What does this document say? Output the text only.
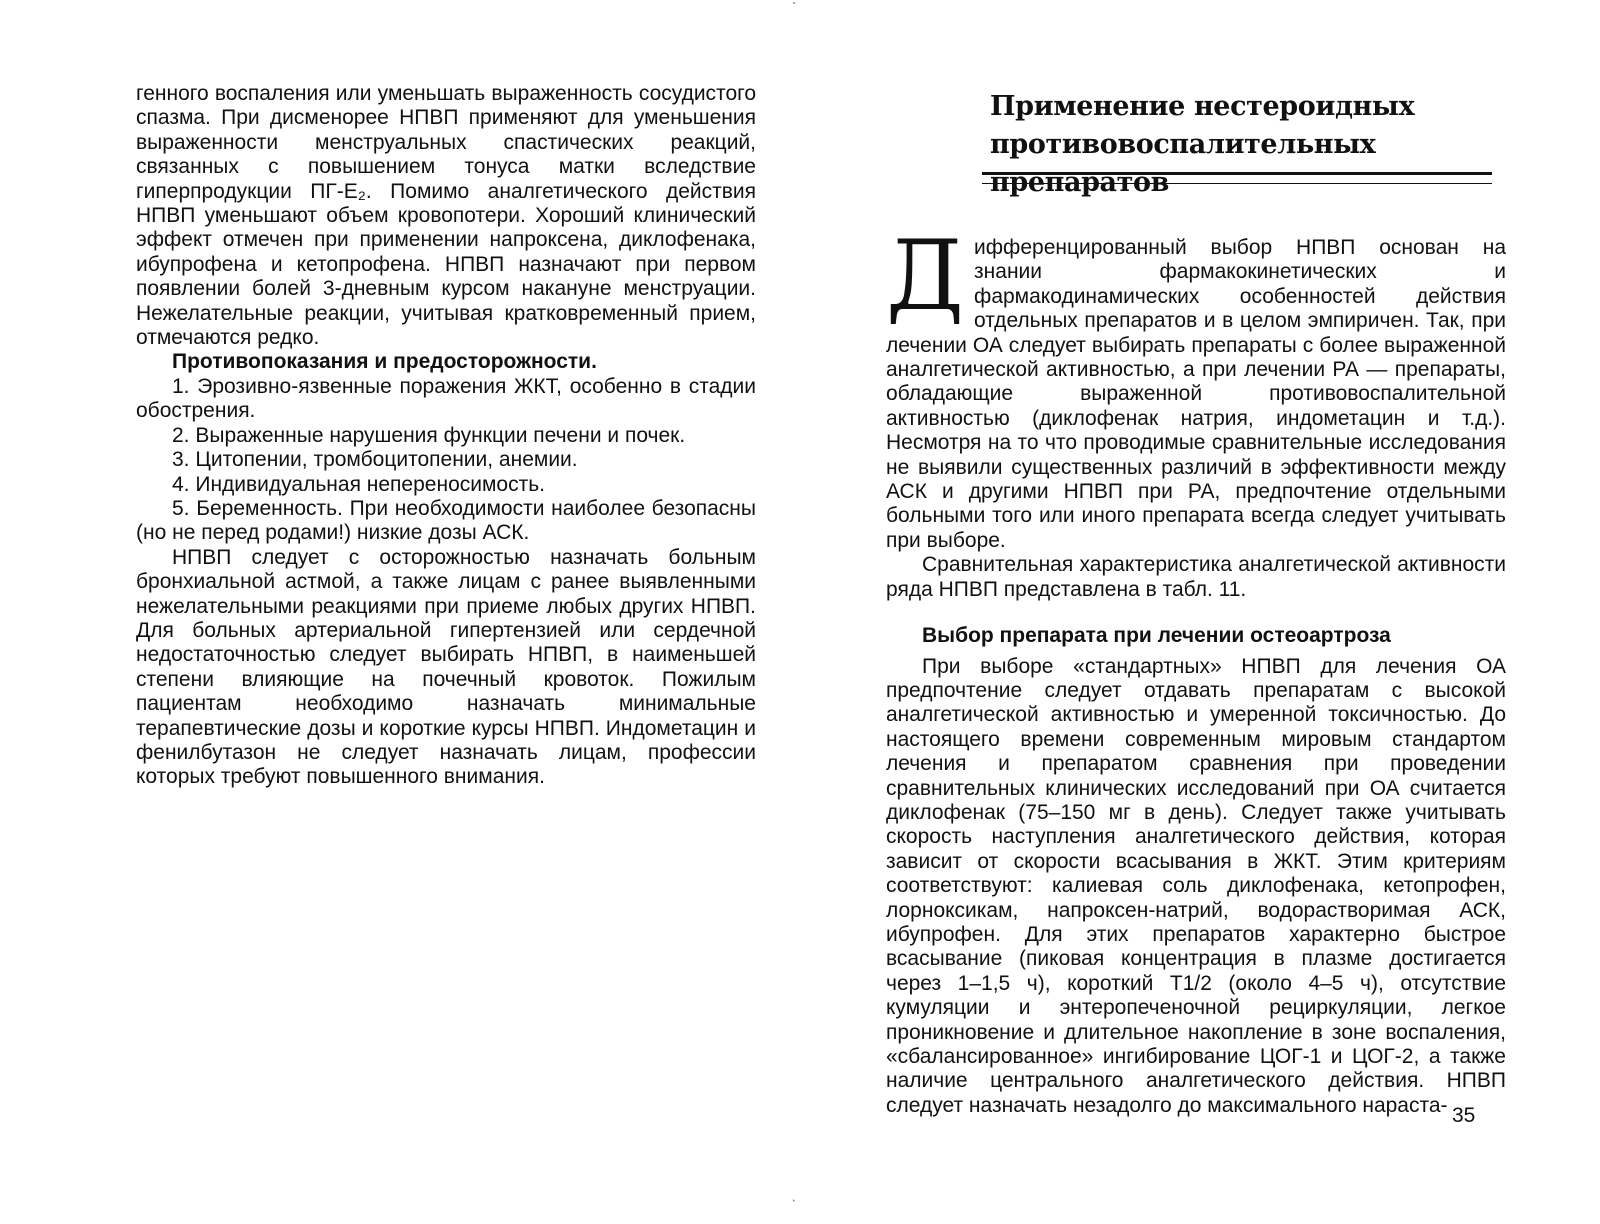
генного воспаления или уменьшать выраженность сосудистого спазма. При дисменорее НПВП применяют для уменьшения выраженности менструальных спастических реакций, связанных с повышением тонуса матки вследствие гиперпродукции ПГ-Е₂. Помимо аналгетического действия НПВП уменьшают объем кровопотери. Хороший клинический эффект отмечен при применении напроксена, диклофенака, ибупрофена и кетопрофена. НПВП назначают при первом появлении болей 3-дневным курсом накануне менструации. Нежелательные реакции, учитывая кратковременный прием, отмечаются редко.

Противопоказания и предосторожности.

1. Эрозивно-язвенные поражения ЖКТ, особенно в стадии обострения.

2. Выраженные нарушения функции печени и почек.

3. Цитопении, тромбоцитопении, анемии.

4. Индивидуальная непереносимость.

5. Беременность. При необходимости наиболее безопасны (но не перед родами!) низкие дозы АСК.

НПВП следует с осторожностью назначать больным бронхиальной астмой, а также лицам с ранее выявленными нежелательными реакциями при приеме любых других НПВП. Для больных артериальной гипертензией или сердечной недостаточностью следует выбирать НПВП, в наименьшей степени влияющие на почечный кровоток. Пожилым пациентам необходимо назначать минимальные терапевтические дозы и короткие курсы НПВП. Индометацин и фенилбутазон не следует назначать лицам, профессии которых требуют повышенного внимания.

ˋ
ˎ
Применение нестероидных
противовоспалительных препаратов

Д ифференцированный выбор НПВП основан на знании фармакокинетических и фармакодинамических особенностей действия отдельных препаратов и в целом эмпиричен. Так, при лечении ОА следует выбирать препараты с более выраженной аналгетической активностью, а при лечении РА — препараты, обладающие выраженной противовоспалительной активностью (диклофенак натрия, индометацин и т.д.). Несмотря на то что проводимые сравнительные исследования не выявили существенных различий в эффективности между АСК и другими НПВП при РА, предпочтение отдельными больными того или иного препарата всегда следует учитывать при выборе.

Сравнительная характеристика аналгетической активности ряда НПВП представлена в табл. 11.

Выбор препарата при лечении остеоартроза

При выборе «стандартных» НПВП для лечения ОА предпочтение следует отдавать препаратам с высокой аналгетической активностью и умеренной токсичностью. До настоящего времени современным мировым стандартом лечения и препаратом сравнения при проведении сравнительных клинических исследований при ОА считается диклофенак (75–150 мг в день). Следует также учитывать скорость наступления аналгетического действия, которая зависит от скорости всасывания в ЖКТ. Этим критериям соответствуют: калиевая соль диклофенака, кетопрофен, лорноксикам, напроксен-натрий, водорастворимая АСК, ибупрофен. Для этих препаратов характерно быстрое всасывание (пиковая концентрация в плазме достигается через 1–1,5 ч), короткий T1/2 (около 4–5 ч), отсутствие кумуляции и энтеропеченочной рециркуляции, легкое проникновение и длительное накопление в зоне воспаления, «сбалансированное» ингибирование ЦОГ-1 и ЦОГ-2, а также наличие центрального аналгетического действия. НПВП следует назначать незадолго до максимального нараста- 35
